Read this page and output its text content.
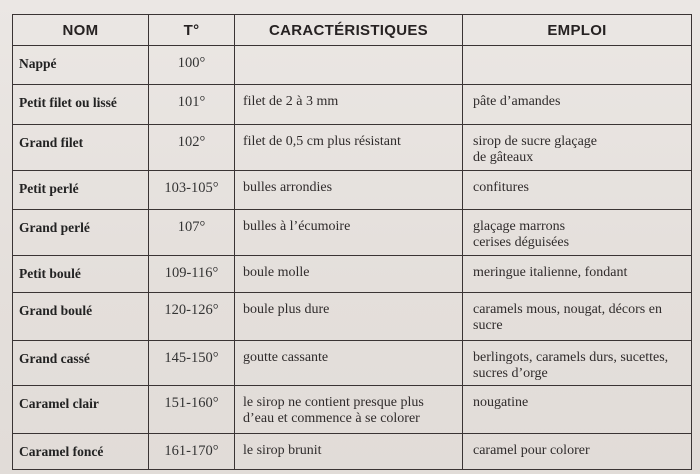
NOM	T°	CARACTÉRISTIQUES	EMPLOI
Nappé	100°		
Petit filet ou lissé	101°	filet de 2 à 3 mm	pâte d’amandes
Grand filet	102°	filet de 0,5 cm plus résistant	sirop de sucre glaçage de gâteaux

Petit perlé	103-105°	bulles arrondies	confitures
Grand perlé	107°	bulles à l’écumoire	glaçage marrons cerises déguisées

Petit boulé	109-116°	boule molle	meringue italienne, fondant
Grand boulé	120-126°	boule plus dure	caramels mous, nougat, décors en sucre
Grand cassé	145-150°	goutte cassante	berlingots, caramels durs, sucettes, sucres d’orge
Caramel clair	151-160°	le sirop ne contient presque plus d’eau et commence à se colorer	nougatine
Caramel foncé	161-170°	le sirop brunit	caramel pour colorer
